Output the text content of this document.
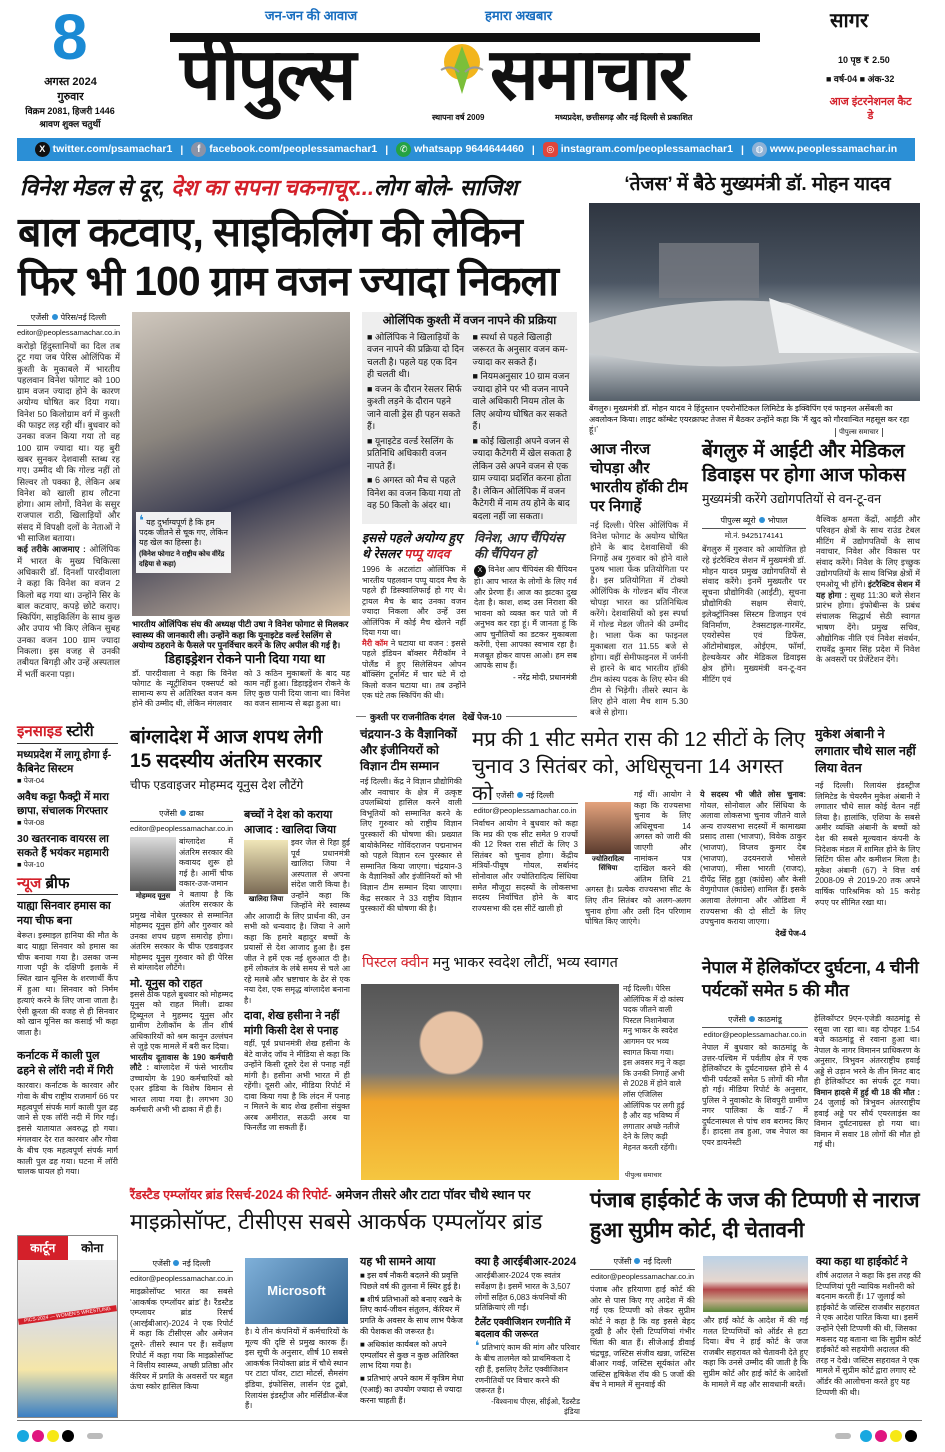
8
अगस्त 2024
गुरुवार
विक्रम 2081, हिजरी 1446
श्रावण शुक्ल चतुर्थी
जन-जन की आवाज	हमारा अखबार
पीपुल्स	समाचार
स्थापना वर्ष 2009	मध्यप्रदेश, छत्तीसगढ़ और नई दिल्ली से प्रकाशित
सागर
10 पृष्ठ ₹ 2.50
■ वर्ष-04 ■ अंक-32
आज इंटरनेशनल कैट डे
X twitter.com/psamachar1 |	f facebook.com/peoplessamachar1 |	✆ whatsapp 9644644460 |	◎ instagram.com/peoplessamachar1 |	◍ www.peoplessamachar.in
विनेश मेडल से दूर, देश का सपना चकनाचूर...लोग बोले- साजिश
बाल कटवाए, साइकिलिंग की लेकिन
फिर भी 100 ग्राम वजन ज्यादा निकला
एजेंसी पेरिस/नई दिल्ली
editor@peoplessamachar.co.in
करोड़ो हिंदुस्तानियों का दिल तब टूट गया जब पेरिस ओलिंपिक में कुश्ती के मुकाबले में भारतीय पहलवान विनेश फोगाट को 100 ग्राम वजन ज्यादा होने के कारण अयोग्य घोषित कर दिया गया। विनेश 50 किलोग्राम वर्ग में कुश्ती की फाइट लड़ रही थीं। बुधवार को उनका वजन किया गया तो वह 100 ग्राम ज्यादा था। यह बुरी खबर सुनकर देशवासी स्तब्ध रह गए। उम्मीद थी कि गोल्ड नहीं तो सिल्वर तो पक्का है, लेकिन अब विनेश को खाली हाथ लौटना होगा। आम लोगों, विनेश के ससुर राजपाल राठी, खिलाड़ियों और संसद में विपक्षी दलों के नेताओं ने भी साजिश बताया।
कई तरीके आजमाए : ओलिंपिक में भारत के मुख्य चिकित्सा अधिकारी डॉ. दिनशॉ पारदीवाला ने कहा कि विनेश का वजन 2 किलो बढ़ गया था। उन्होंने सिर के बाल कटवाए, कपड़े छोटे कराए। स्किपिंग, साइकिलिंग के साथ कुछ और उपाय भी किए लेकिन सुबह उनका वजन 100 ग्राम ज्यादा निकला। इस वजह से उनकी तबीयत बिगड़ी और उन्हें अस्पताल में भर्ती करना पड़ा।
❛ यह दुर्भाग्यपूर्ण है कि हम पदक जीतने से चूक गए, लेकिन यह खेल का हिस्सा है।
(विनेश फोगाट ने राष्ट्रीय कोच वीरेंद्र दहिया से कहा)
भारतीय ओलिंपिक संघ की अध्यक्ष पीटी उषा ने विनेश फोगाट से मिलकर स्वास्थ्य की जानकारी ली। उन्होंने कहा कि यूनाइटेड वर्ल्ड रेसलिंग से अयोग्य ठहराने के फैसले पर पुनर्विचार करने के लिए अपील की गई है।
डिहाइड्रेशन रोकने पानी दिया गया था
डॉ. पारदीवाला ने कहा कि विनेश फोगाट के न्यूट्रीशियन एक्सपर्ट को सामान्य रूप से अतिरिक्त वजन कम होने की उम्मीद थी, लेकिन मंगलवार
को 3 कठिन मुकाबलों के बाद यह काम नहीं हुआ। डिहाइड्रेशन रोकने के लिए कुछ पानी दिया जाना था। विनेश का वजन सामान्य से बढ़ा हुआ था।
ओलिंपिक कुश्ती में वजन नापने की प्रक्रिया
■ ओलिंपिक ने खिलाड़ियों के वजन नापने की प्रक्रिया दो दिन चलती है। पहले यह एक दिन ही चलती थी।
■ वजन के दौरान रेसलर सिर्फ कुश्ती लड़ने के दौरान पहने जाने वाली ड्रेस ही पहन सकते हैं।
■ यूनाइटेड वर्ल्ड रेसलिंग के प्रतिनिधि अधिकारी वजन नापते हैं।
■ 6 अगस्त को मैच से पहले विनेश का वजन किया गया तो वह 50 किलो के अंदर था।
■ स्पर्धा से पहले खिलाड़ी जरूरत के अनुसार वजन कम-ज्यादा कर सकते हैं।
■ नियमअनुसार 10 ग्राम वजन ज्यादा होने पर भी वजन नापने वाले अधिकारी नियम तोल के लिए अयोग्य घोषित कर सकते हैं।
■ कोई खिलाड़ी अपने वजन से ज्यादा कैटेगरी में खेल सकता है लेकिन उसे अपने वजन से एक ग्राम ज्यादा प्रदर्शित करना होता है। लेकिन ओलिंपिक में वजन कैटेगरी में नाम तय होने के बाद बदला नहीं जा सकता।
इससे पहले अयोग्य हुए थे रेसलर पप्पू यादव
1996 के अटलांटा ओलिंपिक में भारतीय पहलवान पप्पू यादव मैच के पहले ही डिस्क्वालिफाई हो गए थे। ट्रायल मैच के बाद उनका वजन ज्यादा निकला और उन्हें उस ओलिंपिक में कोई मैच खेलने नहीं दिया गया था।
मैरी कॉम ने घटाया था वजन : इससे पहले इंडियन बॉक्सर मैरीकॉम ने पोलैंड में हुए सिलेसियन ओपन बॉक्सिंग टूर्नामेंट में चार घंटे में दो किलो वजन घटाया था। तब उन्होंने एक घंटे तक स्किपिंग की थी।
विनेश, आप चैंपियंस की चैंपियन हो
X विनेश आप चैंपियंस की चैंपियन हो। आप भारत के लोगों के लिए गर्व और प्रेरणा हैं। आज का झटका दुख देता है। काश, शब्द उस निराशा की भावना को व्यक्त कर पाते जो मैं अनुभव कर रहा हूं। मैं जानता हूं कि आप चुनौतियों का डटकर मुकाबला करेंगी, ऐसा आपका स्वभाव रहा है। मजबूत होकर वापस आओ। हम सब आपके साथ हैं।
- नरेंद्र मोदी, प्रधानमंत्री
कुश्ती पर राजनीतिक दंगल   देखें पेज-10
‘तेजस’ में बैठे मुख्यमंत्री डॉ. मोहन यादव
बेंगलुरु। मुख्यमंत्री डॉ. मोहन यादव ने हिंदुस्तान एयरोनॉटिकल लिमिटेड के इक्विपिंग एवं फाइनल असेंबली का अवलोकन किया। लाइट कॉम्बेट एयरक्राफ्ट तेजस में बैठकर उन्होंने कहा कि ‘मैं खुद को गौरवान्वित महसूस कर रहा हूं।’	पीपुल्स समाचार
आज नीरज चोपड़ा और भारतीय हॉकी टीम पर निगाहें
नई दिल्ली। पेरिस ओलिंपिक में विनेश फोगाट के अयोग्य घोषित होने के बाद देशवासियों की निगाहें अब गुरुवार को होने वाले पुरुष भाला फेंक प्रतियोगिता पर है। इस प्रतियोगिता में टोक्यो ओलिंपिक के गोल्डन बॉय नीरज चोपड़ा भारत का प्रतिनिधित्व करेंगे। देशवासियों को इस स्पर्धा में गोल्ड मेडल जीतने की उम्मीद है। भाला फेंक का फाइनल मुकाबला रात 11.55 बजे से होगा। वहीं सेमीफाइनल में जर्मनी से हारने के बाद भारतीय हॉकी टीम कांस्य पदक के लिए स्पेन की टीम से भिड़ेगी। तीसरे स्थान के लिए होने वाला मैच शाम 5.30 बजे से होगा।
बेंगलुरु में आईटी और मेडिकल डिवाइस पर होगा आज फोकस
मुख्यमंत्री करेंगे उद्योगपतियों से वन-टू-वन
पीपुल्स ब्यूरो भोपाल
मो.नं. 9425174141
बेंगलुरु में गुरुवार को आयोजित हो रहे इंटरैक्टिव सेशन में मुख्यमंत्री डॉ. मोहन यादव प्रमुख उद्योगपतियों से संवाद करेंगे। इनमें मुख्यतौर पर सूचना प्रौद्योगिकी (आईटी), सूचना प्रौद्योगिकी सक्षम सेवाएं, इलेक्ट्रॉनिक्स सिस्टम डिजाइन एवं विनिर्माण, टेक्सटाइल-गारमेंट, एयरोस्पेस एवं डिफेंस, ऑटोमोबाइल, ओईएम, फॉर्मा, हेल्थकेयर और मेडिकल डिवाइस क्षेत्र होंगे। मुख्यमंत्री वन-टू-वन मीटिंग एवं
वैश्विक क्षमता केंद्रों, आईटी और परिवहन क्षेत्रों के साथ राउंड टेबल मीटिंग में उद्योगपतियों के साथ नवाचार, निवेश और विकास पर संवाद करेंगे। निवेश के लिए इच्छुक उद्योगपतियों के साथ विभिन्न क्षेत्रों में एमओयू भी होंगे। इंटरैक्टिव सेशन में यह होगा : सुबह 11:30 बजे सेशन प्रारंभ होगा। इंफोबीन्स के प्रबंध संचालक सिद्धार्थ सेठी स्वागत भाषण देंगे। प्रमुख सचिव, औद्योगिक नीति एवं निवेश संवर्धन, राघवेंद्र कुमार सिंह प्रदेश में निवेश के अवसरों पर प्रेजेंटेशन देंगे।
इनसाइड स्टोरी
मध्यप्रदेश में लागू होगा ई-कैबिनेट सिस्टम
■ पेज-04
अवैध कट्टा फैक्ट्री में मारा छापा, संचालक गिरफ्तार
■ पेज-08
30 खतरनाक वायरस ला सकते हैं भयंकर महामारी
■ पेज-10
न्यूज ब्रीफ
याह्या सिनवार हमास का नया चीफ बना
बेरूत। इस्माइल हानिया की मौत के बाद याह्या सिनवार को हमास का चीफ बनाया गया है। उसका जन्म गाजा पट्टी के दक्षिणी इलाके में स्थित खान यूनिस के शरणार्थी कैंप में हुआ था। सिनवार को निर्मम हत्याएं करने के लिए जाना जाता है। ऐसी क्रूरता की वजह से ही सिनवार को खान यूनिस का कसाई भी कहा जाता है।
कर्नाटक में काली पुल ढहने से लॉरी नदी में गिरी
कारवार। कर्नाटक के कारवार और गोवा के बीच राष्ट्रीय राजमार्ग 66 पर महत्वपूर्ण संपर्क मार्ग काली पुल ढह जाने से एक लॉरी नदी में गिर गई। इससे यातायात अवरुद्ध हो गया। मंगलवार देर रात कारवार और गोवा के बीच एक महत्वपूर्ण संपर्क मार्ग काली पुल ढह गया। घटना में लॉरी चालक घायल हो गया।
बांग्लादेश में आज शपथ लेगी
15 सदस्यीय अंतरिम सरकार
चीफ एडवाइजर मोहम्मद यूनुस देश लौटेंगे
एजेंसी ढाका
editor@peoplessamachar.co.in
मोहम्मद यूनुस
बांग्लादेश में अंतरिम सरकार की कवायद शुरू हो गई है। आर्मी चीफ वकार-उज-जमान ने बताया है कि अंतरिम सरकार के प्रमुख नोबेल पुरस्कार से सम्मानित मोहम्मद यूनुस होंगे और गुरुवार को उनका शपथ ग्रहण समारोह होगा। अंतरिम सरकार के चीफ एडवाइजर मोहम्मद यूनुस गुरुवार को ही पेरिस से बांग्लादेश लौटेंगे।
मो. यूनुस को राहत
इससे ठीक पहले बुधवार को मोहम्मद यूनुस को राहत मिली। ढाका ट्रिब्यूनल ने मुहम्मद यूनुस और ग्रामीण टेलीकॉम के तीन शीर्ष अधिकारियों को श्रम कानून उल्लंघन से जुड़े एक मामले में बरी कर दिया।
भारतीय दूतावास के 190 कर्मचारी लौटे : बांग्लादेश में फंसे भारतीय उच्चायोग के 190 कर्मचारियों को एअर इंडिया के विशेष विमान से भारत लाया गया है। लगभग 30 कर्मचारी अभी भी ढाका में ही हैं।
बच्चों ने देश को कराया आजाद : खालिदा जिया
खालिदा जिया
इवर जेल से रिहा हुई पूर्व प्रधानमंत्री खालिदा जिया ने अस्पताल से अपना संदेश जारी किया है। उन्होंने कहा कि जिन्होंने मेरे स्वास्थ्य और आजादी के लिए प्रार्थना की, उन सभी को धन्यवाद है। जिया ने आगे कहा कि हमारे बहादुर बच्चों के प्रयासों से देश आजाद हुआ है। इस जीत ने हमें एक नई शुरुआत दी है। हमें लोकतंत्र के लंबे समय से चले आ रहे मलबे और भ्रष्टाचार के ढेर से एक नया देश, एक समृद्ध बांग्लादेश बनाना है।
दावा, शेख हसीना ने नहीं मांगी किसी देश से पनाह
वहीं, पूर्व प्रधानमंत्री शेख हसीना के बेटे वाजेद जॉय ने मीडिया से कहा कि उन्होंने किसी दूसरे देश से पनाह नहीं मांगी है। हसीना अभी भारत में ही रहेंगी। दूसरी ओर, मीडिया रिपोर्ट में दावा किया गया है कि लंदन में पनाह न मिलने के बाद शेख हसीना संयुक्त अरब अमीरात, सऊदी अरब या फिनलैंड जा सकती हैं।
चंद्रयान-3 के वैज्ञानिकों और इंजीनियरों को विज्ञान टीम सम्मान
नई दिल्ली। केंद्र ने विज्ञान प्रौद्योगिकी और नवाचार के क्षेत्र में उत्कृष्ट उपलब्धियां हासिल करने वाली विभूतियों को सम्मानित करने के लिए गुरुवार को राष्ट्रीय विज्ञान पुरस्कारों की घोषणा की। प्रख्यात बायोकेमिस्ट गोविंदराजन पद्मनाभन को पहले विज्ञान रत्न पुरस्कार से सम्मानित किया जाएगा। चंद्रयान-3 के वैज्ञानिकों और इंजीनियरों को भी विज्ञान टीम सम्मान दिया जाएगा। केंद्र सरकार ने 33 राष्ट्रीय विज्ञान पुरस्कारों की घोषणा की है।
मप्र की 1 सीट समेत रास की 12 सीटों के लिए
चुनाव 3 सितंबर को, अधिसूचना 14 अगस्त को एजेंसी नई दिल्ली
editor@peoplessamachar.co.in
निर्वाचन आयोग ने बुधवार को कहा कि मप्र की एक सीट समेत 9 राज्यों की 12 रिक्त रास सीटों के लिए 3 सितंबर को चुनाव होगा। केंद्रीय मंत्रियों-पीयूष गोयल, सर्बानंद सोनोवाल और ज्योतिरादित्य सिंधिया समेत मौजूदा सदस्यों के लोकसभा सदस्य निर्वाचित होने के बाद राज्यसभा की दस सीटें खाली हो
ज्योतिरादित्य सिंधिया
गई थीं। आयोग ने कहा कि राज्यसभा चुनाव के लिए अधिसूचना 14 अगस्त को जारी की जाएगी और नामांकन पत्र दाखिल करने की अंतिम तिथि 21 अगस्त है। प्रत्येक राज्यसभा सीट के लिए तीन सितंबर को अलग-अलग चुनाव होगा और उसी दिन परिणाम घोषित किए जाएंगे।
ये सदस्य भी जीते लोस चुनाव: गोयल, सोनोवाल और सिंधिया के अलावा लोकसभा चुनाव जीतने वाले अन्य राज्यसभा सदस्यों में कामाख्या प्रसाद तासा (भाजपा), विवेक ठाकुर (भाजपा), विप्लव कुमार देब (भाजपा), उदयनराजे भोसले (भाजपा), मीसा भारती (राजद), दीपेंद्र सिंह हुड्डा (कांग्रेस) और केसी वेणुगोपाल (कांग्रेस) शामिल हैं। इसके अलावा तेलंगाना और ओडिशा में राज्यसभा की दो सीटों के लिए उपचुनाव कराया जाएगा।
देखें पेज-4
मुकेश अंबानी ने लगातार चौथे साल नहीं लिया वेतन
नई दिल्ली। रिलायंस इंडस्ट्रीज लिमिटेड के चेयरमैन मुकेश अंबानी ने लगातार चौथे साल कोई वेतन नहीं लिया है। हालांकि, एशिया के सबसे अमीर व्यक्ति अंबानी के बच्चों को देश की सबसे मूल्यवान कंपनी के निदेशक मंडल में शामिल होने के लिए सिटिंग फीस और कमीशन मिला है। मुकेश अंबानी (67) ने वित्त वर्ष 2008-09 से 2019-20 तक अपने वार्षिक पारिश्रमिक को 15 करोड़ रुपए पर सीमित रखा था।
पिस्टल क्वीन मनु भाकर स्वदेश लौटीं, भव्य स्वागत
नई दिल्ली। पेरिस ओलिंपिक में दो कांस्य पदक जीतने वाली पिस्टल निशानेबाज मनु भाकर के स्वदेश आगमन पर भव्य स्वागत किया गया। इस अवसर मनु ने कहा कि उनकी निगाहें अभी से 2028 में होने वाले लॉस एंजिलिस ओलिंपिक पर लगी हुई है और वह भविष्य में लगातार अच्छे नतीजे देने के लिए कड़ी मेहनत करती रहेंगी।
पीपुल्स समाचार
नेपाल में हेलिकॉप्टर दुर्घटना, 4 चीनी पर्यटकों समेत 5 की मौत
एजेंसी काठमांडू
editor@peoplessamachar.co.in
नेपाल में बुधवार को काठमांडू के उत्तर-पश्चिम में पर्वतीय क्षेत्र में एक हेलिकॉप्टर के दुर्घटनाग्रस्त होने से 4 चीनी पर्यटकों समेत 5 लोगों की मौत हो गई। मीडिया रिपोर्ट के अनुसार, पुलिस ने नुवाकोट के शिवपुरी ग्रामीण नगर पालिका के वार्ड-7 में दुर्घटनास्थल से पांच शव बरामद किए हैं। हादसा तब हुआ, जब नेपाल का एयर डायनेस्टी
हेलिकॉप्टर 9एन-एजेडी काठमांडू से रसुवा जा रहा था। वह दोपहर 1:54 बजे काठमांडू से रवाना हुआ था। नेपाल के नागर विमानन प्राधिकरण के अनुसार, त्रिभुवन अंतरराष्ट्रीय हवाई अड्डे से उड़ान भरने के तीन मिनट बाद ही हेलिकॉप्टर का संपर्क टूट गया। विमान हादसे में हुई थी 18 की मौत : 24 जुलाई को त्रिभुवन अंतरराष्ट्रीय हवाई अड्डे पर सौर्य एयरलाइंस का विमान दुर्घटनाग्रस्त हो गया था। विमान में सवार 18 लोगों की मौत हो गई थी।
कार्टून	कोना
PICS-2024 — WOMEN'S WRESTLING
रैंडस्टैड एम्प्लॉयर ब्रांड रिसर्च-2024 की रिपोर्ट- अमेजन तीसरे और टाटा पॉवर चौथे स्थान पर
माइक्रोसॉफ्ट, टीसीएस सबसे आकर्षक एम्पलॉयर ब्रांड
एजेंसी नई दिल्ली
editor@peoplessamachar.co.in
माइक्रोसॉफ्ट भारत का सबसे ‘आकर्षक एम्प्लॉयर ब्रांड’ है। रैंडस्टैड एम्प्लायर ब्रांड रिसर्च (आरईबीआर)-2024 ने एक रिपोर्ट में कहा कि टीसीएस और अमेजन दूसरे- तीसरे स्थान पर हैं। सर्वेक्षण रिपोर्ट में कहा गया कि माइक्रोसॉफ्ट ने वित्तीय स्वास्थ्य, अच्छी प्रतिष्ठा और कॅरियर में प्रगति के अवसरों पर बहुत ऊंचा स्कोर हासिल किया
Microsoft
है। ये तीन कंपनियों में कर्मचारियों के मूल्य की दृष्टि से प्रमुख कारक हैं। इस सूची के अनुसार, शीर्ष 10 सबसे आकर्षक नियोक्ता ब्रांड में चौथे स्थान पर टाटा पॉवर, टाटा मोटर्स, सैमसंग इंडिया, इंफोसिस, लार्सन एंड टूब्रो, रिलायंस इंडस्ट्रीज और मर्सिडीज-बेंज हैं।
यह भी सामने आया
■ इस वर्ष नौकरी बदलने की प्रवृत्ति पिछले वर्ष की तुलना में स्थिर हुई है।
■ शीर्ष प्रतिभाओं को बनाए रखने के लिए कार्य-जीवन संतुलन, कॅरियर में प्रगति के अवसर के साथ लाभ पैकेज की पेशकश की जरूरत है।
■ अधिकांश कार्यबल को अपने एम्पलॉयर से कुछ न कुछ अतिरिक्त लाभ दिया गया है।
■ प्रतिभाएं अपने काम में कृत्रिम मेधा (एआई) का उपयोग ज्यादा से ज्यादा करना चाहती हैं।
क्या है आरईबीआर-2024
आरईबीआर-2024 एक स्वतंत्र सर्वेक्षण है। इसमें भारत के 3,507 लोगों सहित 6,083 कंपनियों की प्रतिक्रियाएं ली गईं।
टैलेंट एक्वीजिशन रणनीति में बदलाव की जरूरत
❛ प्रतिभाएं काम की मांग और परिवार के बीच तालमेल को प्राथमिकता दे रही हैं, इसलिए टैलेंट एक्वीजिशन रणनीतियों पर विचार करने की जरूरत है।
-विश्वनाथ पीएस, सीईओ, रैंडस्टैड इंडिया
पंजाब हाईकोर्ट के जज की टिप्पणी से नाराज हुआ सुप्रीम कोर्ट, दी चेतावनी
एजेंसी नई दिल्ली
editor@peoplessamachar.co.in
पंजाब और हरियाणा हाई कोर्ट की ओर से पास किए गए आदेश में की गई एक टिप्पणी को लेकर सुप्रीम कोर्ट ने कहा है कि वह इससे बेहद दुखी है और ऐसी टिप्पणियां गंभीर चिंता की बात हैं। सीजेआई डीवाई चंद्रचूड़, जस्टिस संजीव खन्ना, जस्टिस बीआर गवई, जस्टिस सूर्यकांत और जस्टिस हृषिकेश रॉय की 5 जजों की बेंच ने मामले में सुनवाई की
और हाई कोर्ट के आदेश में की गई गलत टिप्पणियों को ऑर्डर से हटा दिया। बेंच ने हाई कोर्ट के जज राजबीर सहरावत को चेतावनी देते हुए कहा कि उनसे उम्मीद की जाती है कि सुप्रीम कोर्ट और हाई कोर्ट के आदेशों के मामले में वह और सावधानी बरतें।
क्या कहा था हाईकोर्ट ने
शीर्ष अदालत ने कहा कि इस तरह की टिप्पणियां पूरी न्यायिक मशीनरी को बदनाम करती हैं। 17 जुलाई को हाईकोर्ट के जस्टिस राजबीर सहरावत ने एक आदेश पारित किया था। इसमें उन्होंने ऐसी टिप्पणी की थी, जिसका मकसद यह बताना था कि सुप्रीम कोर्ट हाईकोर्ट को सहयोगी अदालत की तरह न देखे। जस्टिस सहरावत ने एक मामले में सुप्रीम कोर्ट द्वारा लगाए स्टे ऑर्डर की आलोचना करते हुए यह टिप्पणी की थी।
